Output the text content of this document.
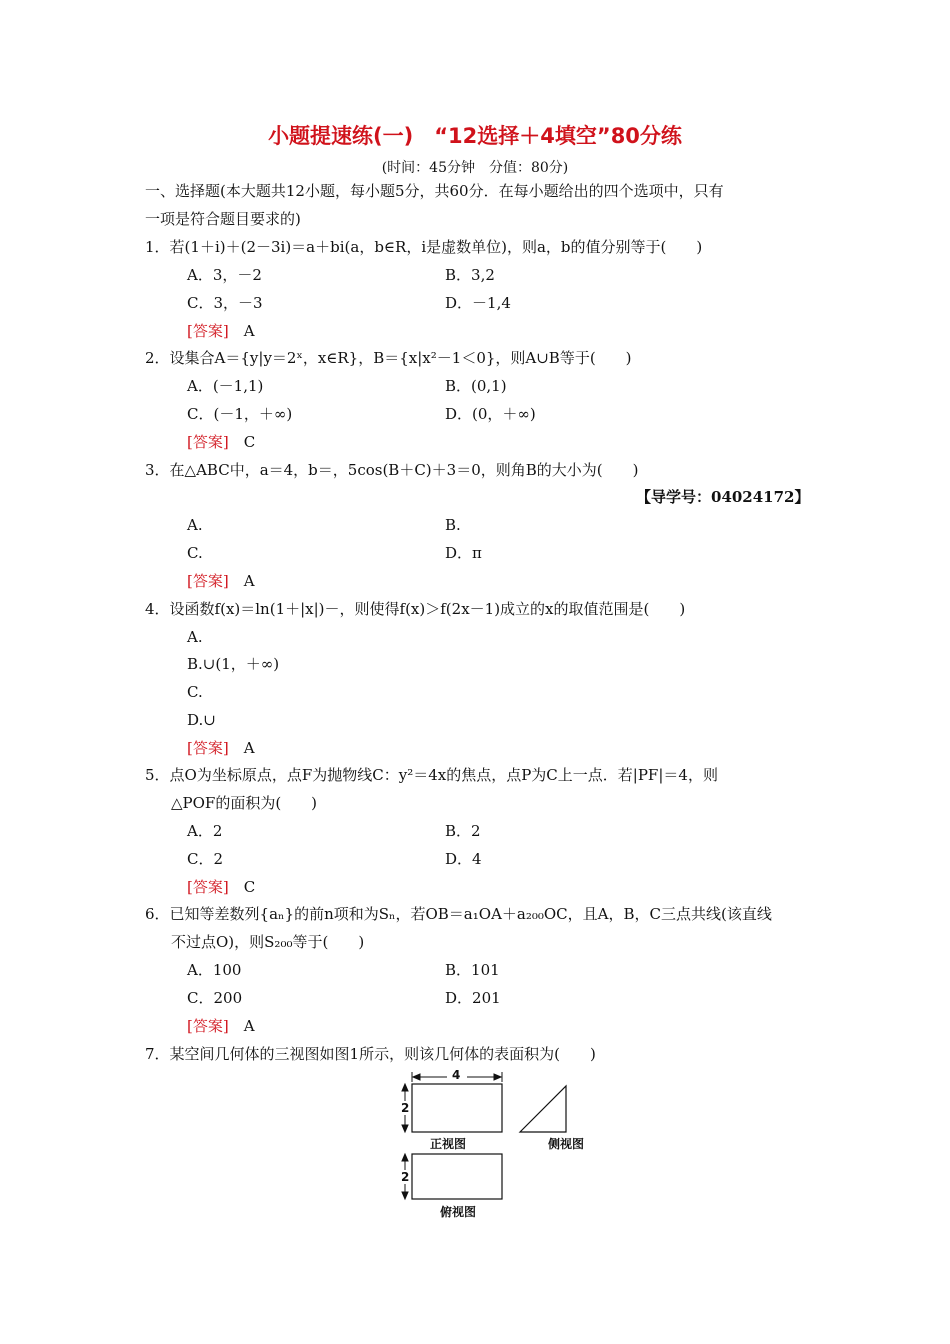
小题提速练(一)　“12选择＋4填空”80分练
(时间：45分钟　分值：80分)
一、选择题(本大题共12小题，每小题5分，共60分．在每小题给出的四个选项中，只有
一项是符合题目要求的)
1．若(1＋i)＋(2－3i)＝a＋bi(a，b∈R，i是虚数单位)，则a，b的值分别等于(　　)
A．3，－2	B．3,2
C．3，－3	D．－1,4
[答案]　 A
2．设集合A＝{y|y＝2ˣ，x∈R}，B＝{x|x²－1＜0}，则A∪B等于(　　)
A．(－1,1)	B．(0,1)
C．(－1，＋∞)	D．(0，＋∞)
[答案]　 C
3．在△ABC中，a＝4，b＝，5cos(B＋C)＋3＝0，则角B的大小为(　　)
【导学号：04024172】
A.	B.
C.	D．π
[答案]　 A
4．设函数f(x)＝ln(1＋|x|)－，则使得f(x)＞f(2x－1)成立的x的取值范围是(　　)
A.
B.∪(1，＋∞)
C.
D.∪
[答案]　 A
5．点O为坐标原点，点F为抛物线C：y²＝4x的焦点，点P为C上一点．若|PF|＝4，则
△POF的面积为(　　)
A．2	B．2
C．2	D．4
[答案]　 C
6．已知等差数列{aₙ}的前n项和为Sₙ，若OB＝a₁OA＋a₂₀₀OC，且A，B，C三点共线(该直线
不过点O)，则S₂₀₀等于(　　)
A．100	B．101
C．200	D．201
[答案]　 A
7．某空间几何体的三视图如图1所示，则该几何体的表面积为(　　)
4
2
2
正视图	侧视图
俯视图
